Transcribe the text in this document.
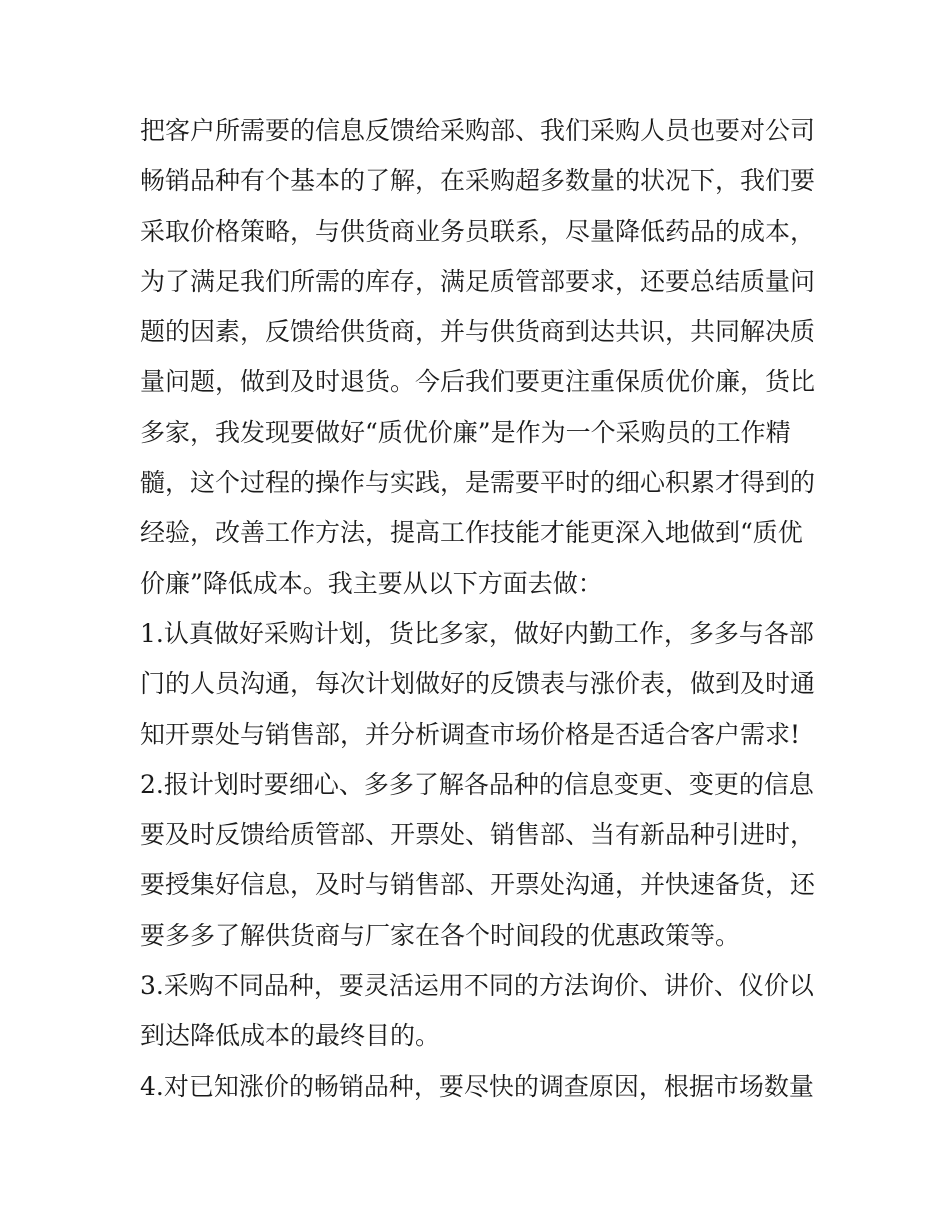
把客户所需要的信息反馈给采购部、我们采购人员也要对公司
畅销品种有个基本的了解，在采购超多数量的状况下，我们要
采取价格策略，与供货商业务员联系，尽量降低药品的成本，
为了满足我们所需的库存，满足质管部要求，还要总结质量问
题的因素，反馈给供货商，并与供货商到达共识，共同解决质
量问题，做到及时退货。今后我们要更注重保质优价廉，货比
多家，我发现要做好“质优价廉”是作为一个采购员的工作精
髓，这个过程的操作与实践，是需要平时的细心积累才得到的
经验，改善工作方法，提高工作技能才能更深入地做到“质优
价廉”降低成本。我主要从以下方面去做：
1.认真做好采购计划，货比多家，做好内勤工作，多多与各部
门的人员沟通，每次计划做好的反馈表与涨价表，做到及时通
知开票处与销售部，并分析调查市场价格是否适合客户需求!
2.报计划时要细心、多多了解各品种的信息变更、变更的信息
要及时反馈给质管部、开票处、销售部、当有新品种引进时，
要授集好信息，及时与销售部、开票处沟通，并快速备货，还
要多多了解供货商与厂家在各个时间段的优惠政策等。
3.采购不同品种，要灵活运用不同的方法询价、讲价、仪价以
到达降低成本的最终目的。
4.对已知涨价的畅销品种，要尽快的调查原因，根据市场数量
